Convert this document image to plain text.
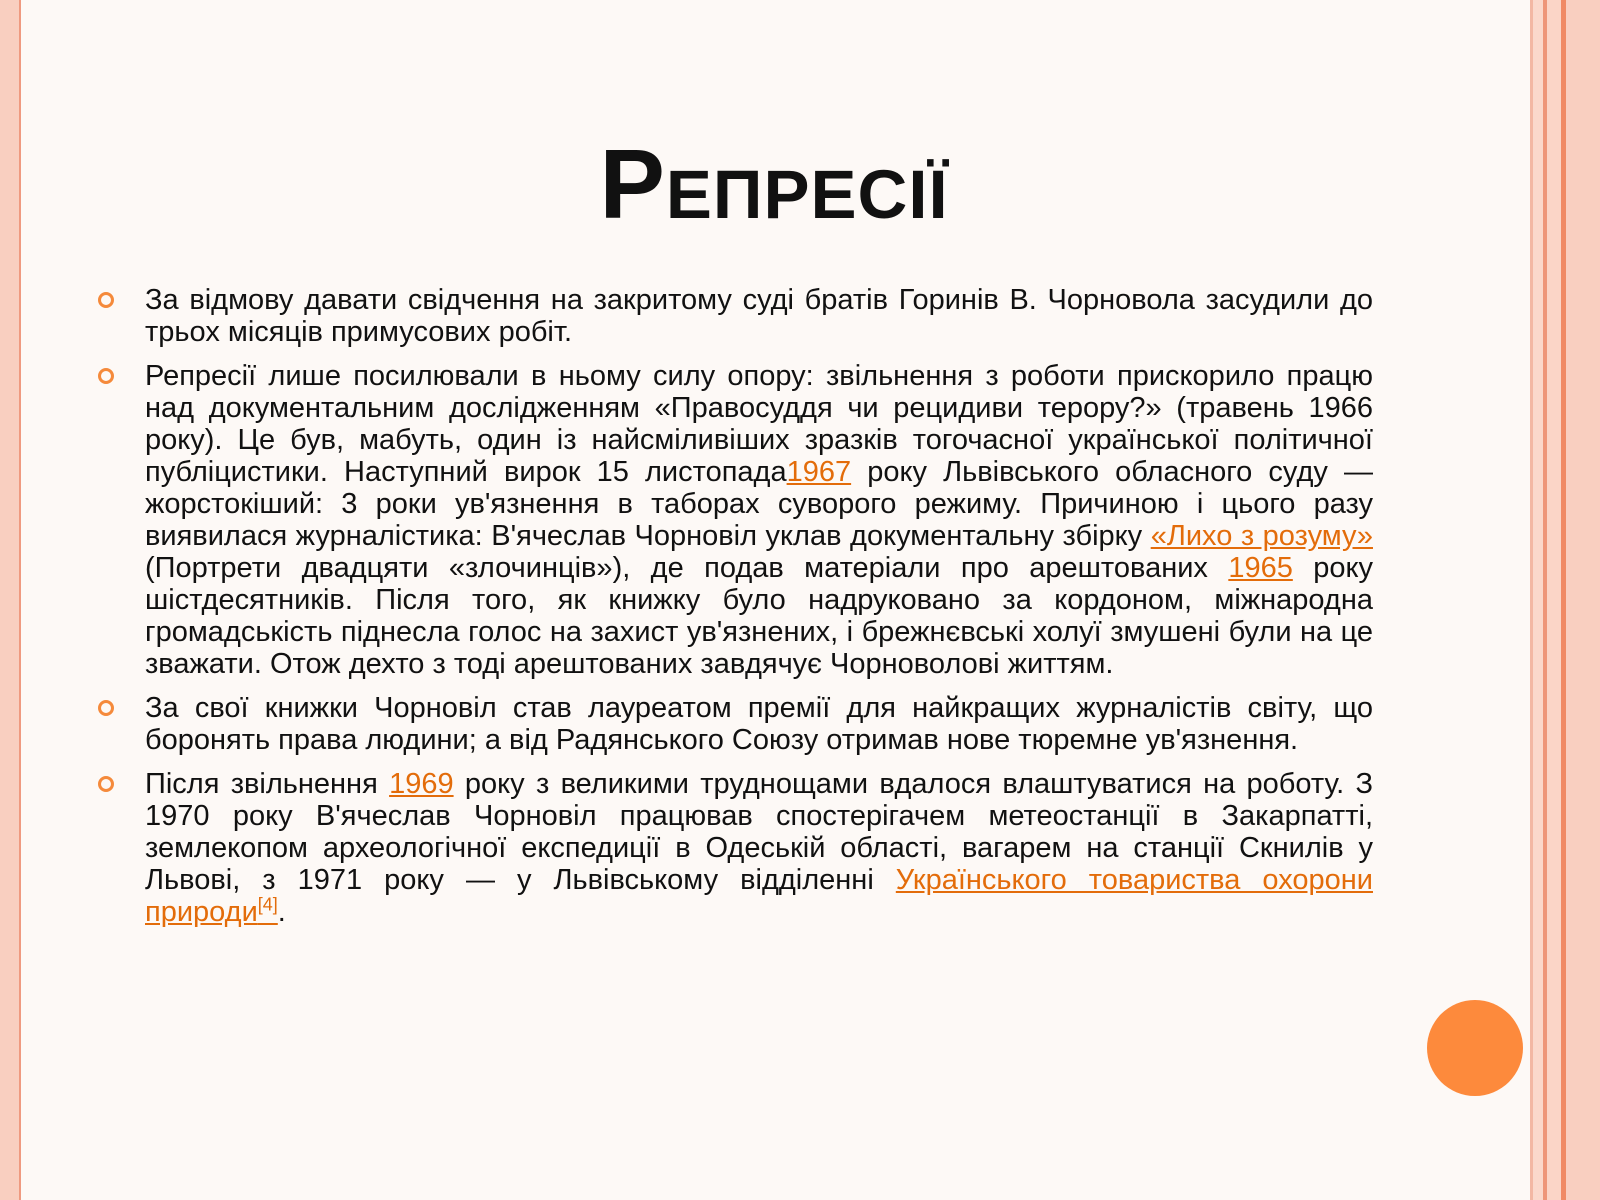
Репресії
За відмову давати свідчення на закритому суді братів Горинів В. Чорновола засудили до трьох місяців примусових робіт.
Репресії лише посилювали в ньому силу опору: звільнення з роботи прискорило працю над документальним дослідженням «Правосуддя чи рецидиви терору?» (травень 1966 року). Це був, мабуть, один із найсміливіших зразків тогочасної української політичної публіцистики. Наступний вирок 15 листопада1967 року Львівського обласного суду — жорстокіший: 3 роки ув'язнення в таборах суворого режиму. Причиною і цього разу виявилася журналістика: В'ячеслав Чорновіл уклав документальну збірку «Лихо з розуму» (Портрети двадцяти «злочинців»), де подав матеріали про арештованих 1965 року шістдесятників. Після того, як книжку було надруковано за кордоном, міжнародна громадськість піднесла голос на захист ув'язнених, і брежнєвські холуї змушені були на це зважати. Отож дехто з тоді арештованих завдячує Чорноволові життям.
За свої книжки Чорновіл став лауреатом премії для найкращих журналістів світу, що боронять права людини; а від Радянського Союзу отримав нове тюремне ув'язнення.
Після звільнення 1969 року з великими труднощами вдалося влаштуватися на роботу. З 1970 року В'ячеслав Чорновіл працював спостерігачем метеостанції в Закарпатті, землекопом археологічної експедиції в Одеській області, вагарем на станції Скнилів у Львові, з 1971 року — у Львівському відділенні Українського товариства охорони природи[4].
